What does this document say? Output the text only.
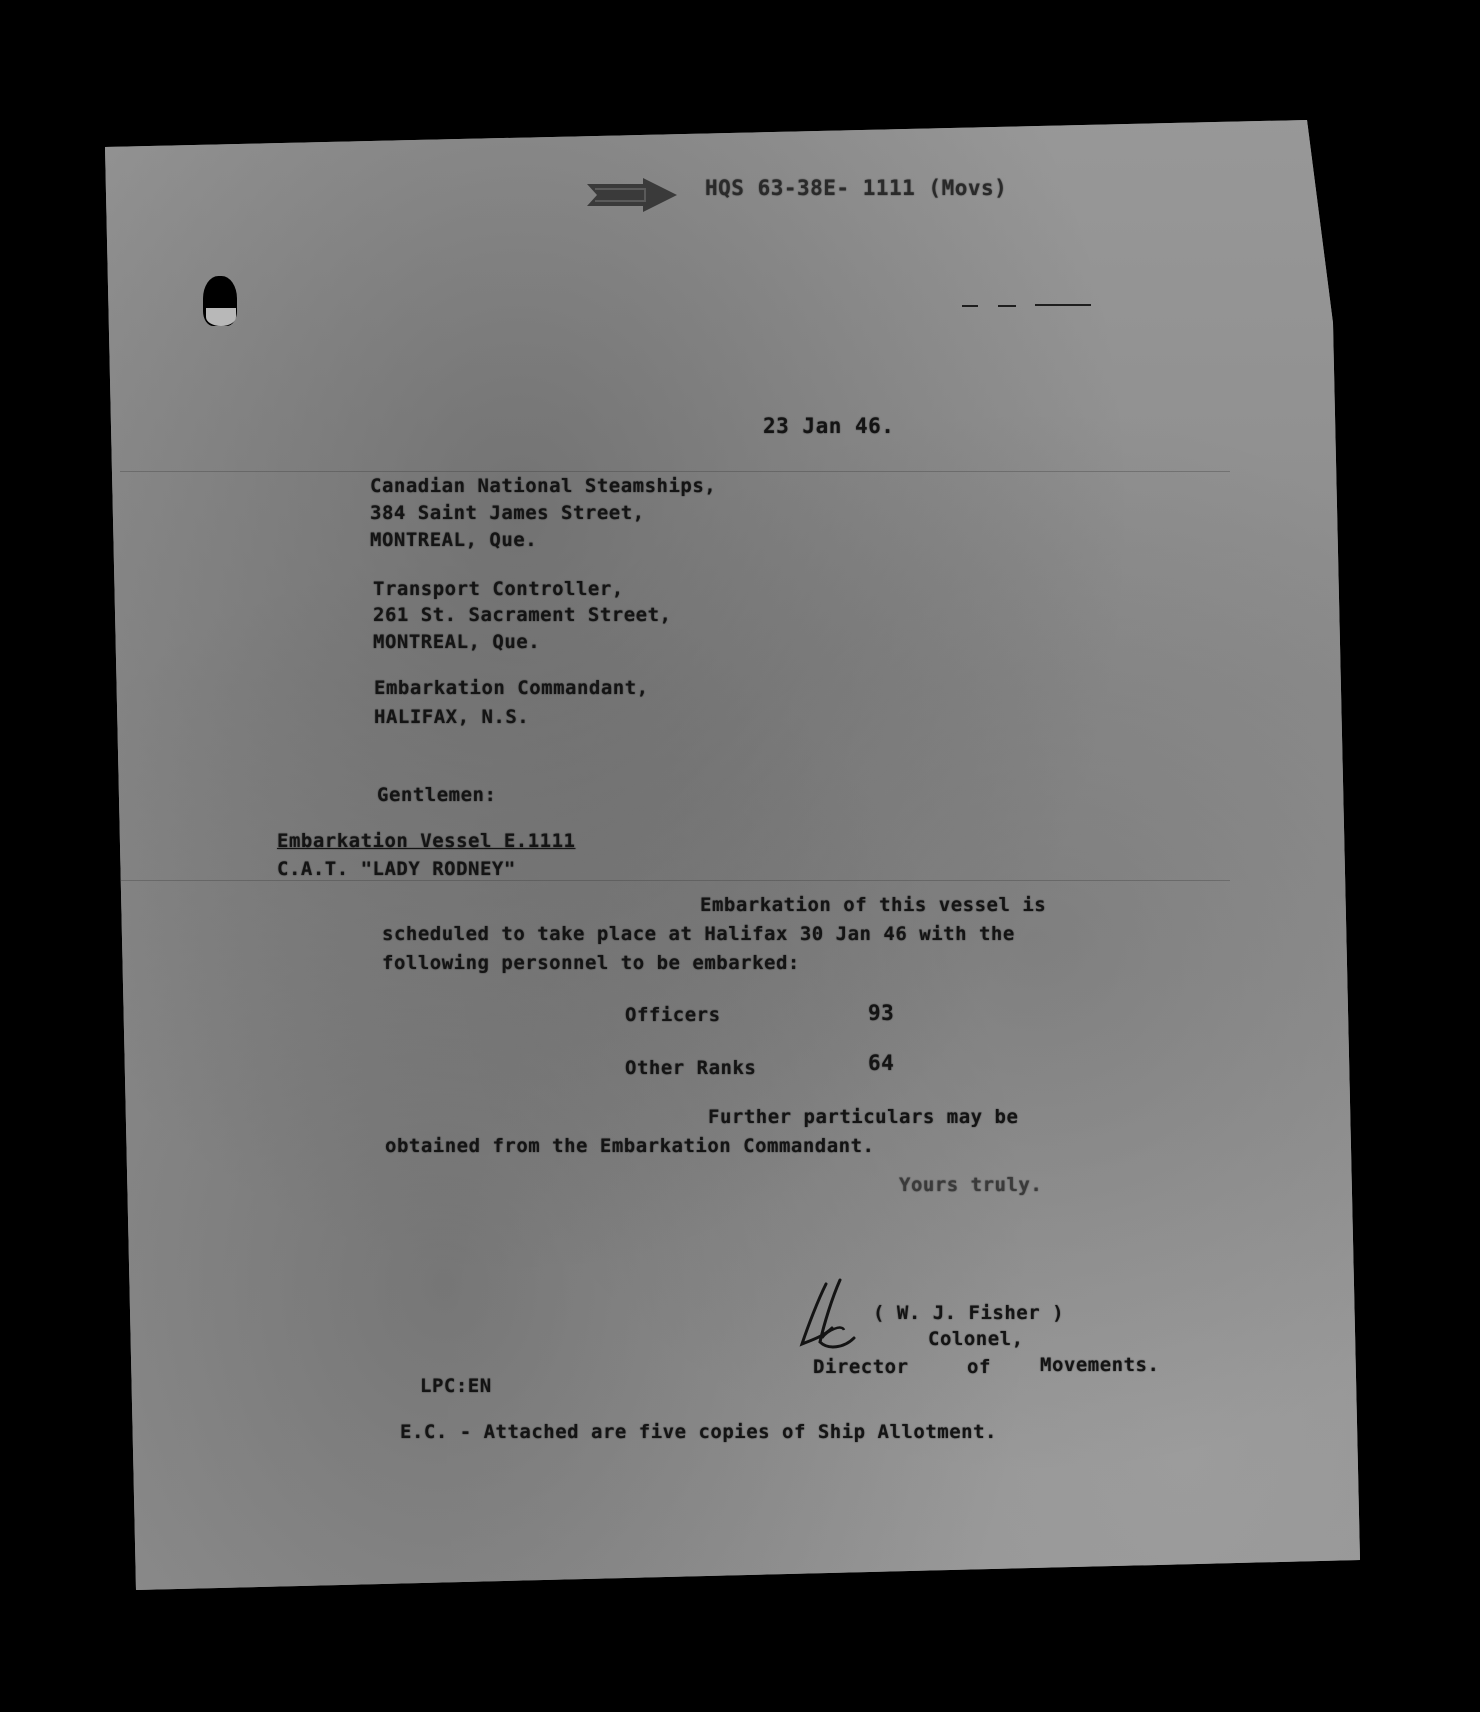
HQS 63-38E- 1111 (Movs)
23 Jan 46.
Canadian National Steamships,
384 Saint James Street,
MONTREAL, Que.
Transport Controller,
261 St. Sacrament Street,
MONTREAL, Que.
Embarkation Commandant,
HALIFAX, N.S.
Gentlemen:
Embarkation Vessel E.1111
C.A.T. "LADY RODNEY"
Embarkation of this vessel is
scheduled to take place at Halifax 30 Jan 46 with the
following personnel to be embarked:
Officers	93
Other Ranks	64
Further particulars may be
obtained from the Embarkation Commandant.
Yours truly.
( W. J. Fisher )
Colonel,
Director	of	Movements.
LPC:EN
E.C. - Attached are five copies of Ship Allotment.
